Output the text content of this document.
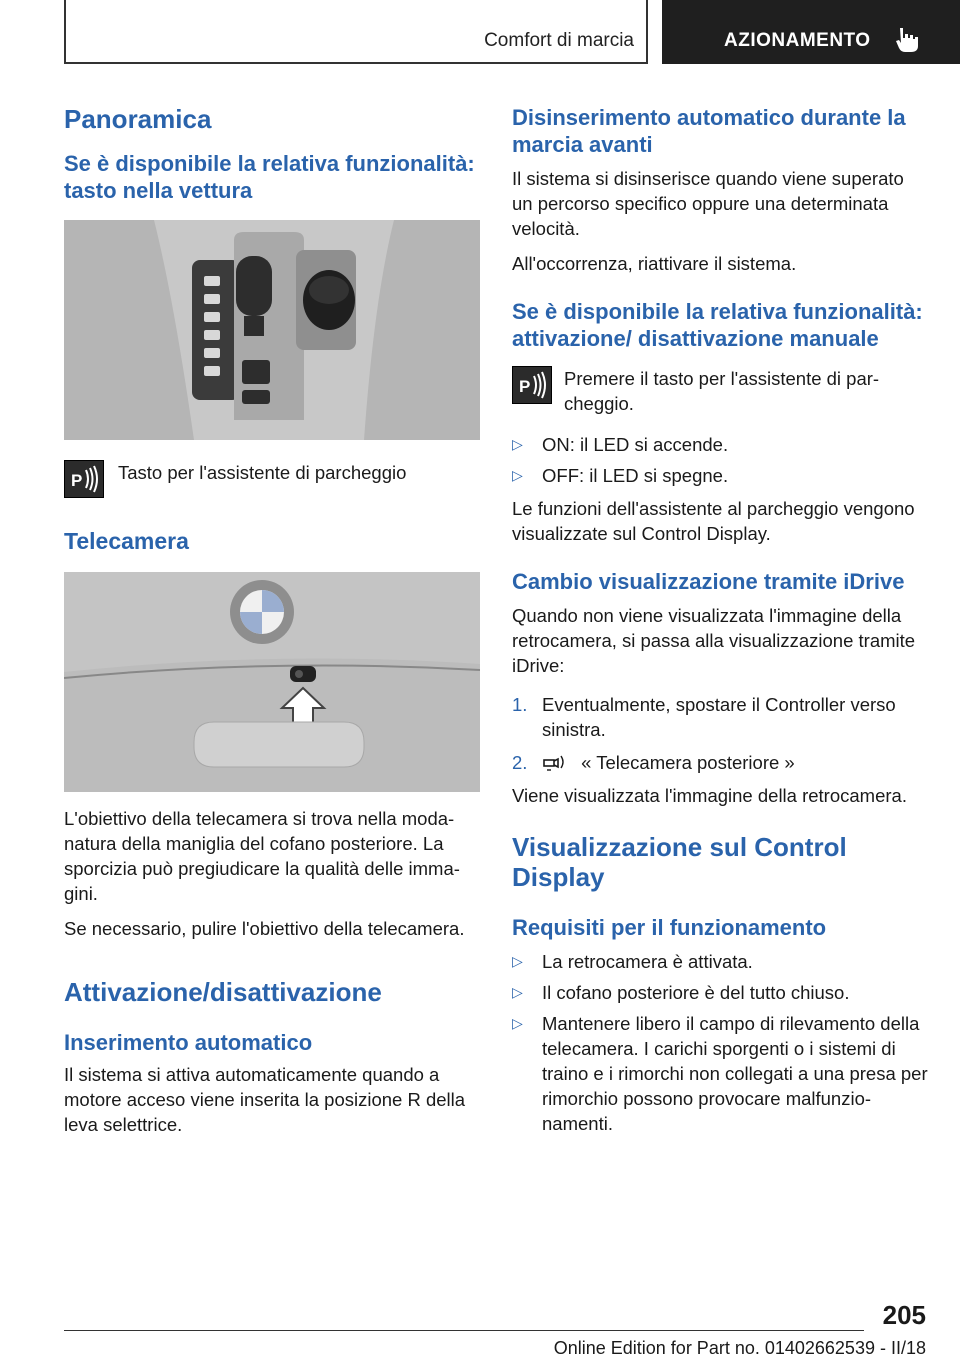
Comfort di marcia	AZIONAMENTO
Panoramica
Se è disponibile la relativa funzionalità: tasto nella vettura
P Tasto per l'assistente di parcheggio

Telecamera

L'obiettivo della telecamera si trova nella modanatura della maniglia del cofano posteriore. La sporcizia può pregiudicare la qualità delle immagini.

Se necessario, pulire l'obiettivo della telecamera.

Attivazione/disattivazione
Inserimento automatico

Il sistema si attiva automaticamente quando a motore acceso viene inserita la posizione R della leva selettrice.

Disinserimento automatico durante la marcia avanti

Il sistema si disinserisce quando viene superato un percorso specifico oppure una determinata velocità.

All'occorrenza, riattivare il sistema.

Se è disponibile la relativa funzionalità: attivazione/ disattivazione manuale
P Premere il tasto per l'assistente di parcheggio.

▷ ON: il LED si accende.
▷ OFF: il LED si spegne.

Le funzioni dell'assistente al parcheggio vengono visualizzate sul Control Display.

Cambio visualizzazione tramite iDrive

Quando non viene visualizzata l'immagine della retrocamera, si passa alla visualizzazione tramite iDrive:

1. Eventualmente, spostare il Controller verso sinistra.
2.	« Telecamera posteriore »

Viene visualizzata l'immagine della retrocamera.

Visualizzazione sul Control Display
Requisiti per il funzionamento
▷ La retrocamera è attivata.
▷ Il cofano posteriore è del tutto chiuso.
▷ Mantenere libero il campo di rilevamento della telecamera. I carichi sporgenti o i sistemi di traino e i rimorchi non collegati a una presa per rimorchio possono provocare malfunzionamenti.
205
Online Edition for Part no. 01402662539 - II/18
